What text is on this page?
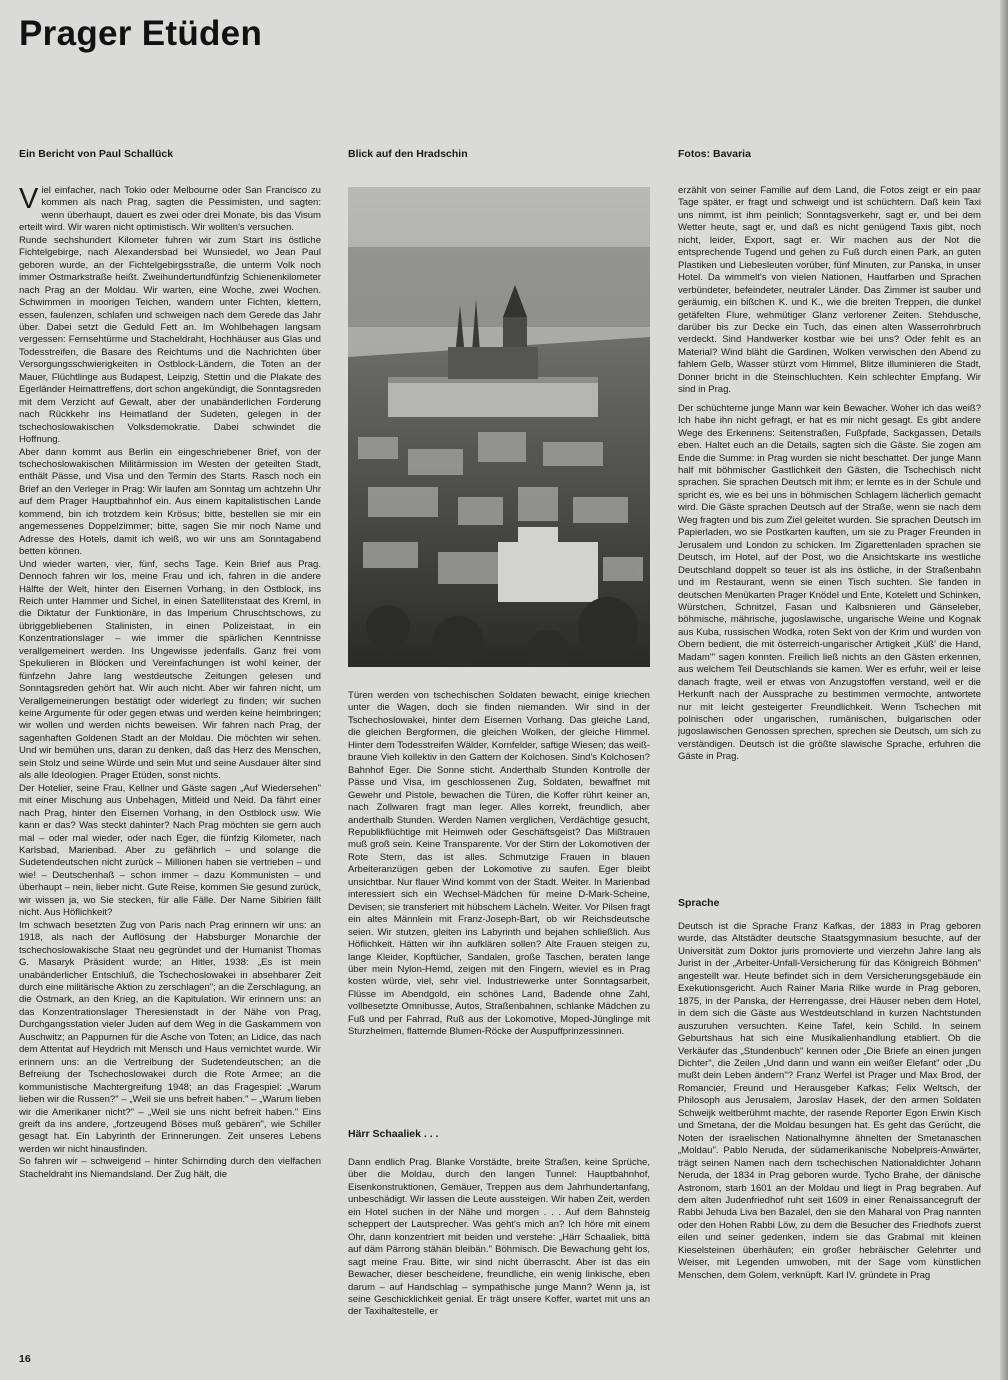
Prager Etüden

Ein Bericht von Paul Schallück	Blick auf den Hradschin	Fotos: Bavaria

V iel einfacher, nach Tokio oder Melbourne oder San Francisco zu kommen als nach Prag, sagten die Pessimisten, und sagten: wenn überhaupt, dauert es zwei oder drei Monate, bis das Visum erteilt wird. Wir waren nicht optimistisch. Wir wollten's versuchen.

Runde sechshundert Kilometer fuhren wir zum Start ins östliche Fichtelgebirge, nach Alexandersbad bei Wunsiedel, wo Jean Paul geboren wurde, an der Fichtelgebirgsstraße, die unterm Volk noch immer Ostmarkstraße heißt. Zweihundertundfünfzig Schienenkilometer nach Prag an der Moldau. Wir warten, eine Woche, zwei Wochen. Schwimmen in moorigen Teichen, wandern unter Fichten, klettern, essen, faulenzen, schlafen und schweigen nach dem Gerede das Jahr über. Dabei setzt die Geduld Fett an. Im Wohlbehagen langsam vergessen: Fernsehtürme und Stacheldraht, Hochhäuser aus Glas und Todesstreifen, die Basare des Reichtums und die Nachrichten über Versorgungsschwierigkeiten in Ostblock-Ländern, die Toten an der Mauer, Flüchtlinge aus Budapest, Leipzig, Stettin und die Plakate des Egerländer Heimattreffens, dort schon angekündigt, die Sonntagsreden mit dem Verzicht auf Gewalt, aber der unabänderlichen Forderung nach Rückkehr ins Heimatland der Sudeten, gelegen in der tschechoslowakischen Volksdemokratie. Dabei schwindet die Hoffnung.

Aber dann kommt aus Berlin ein eingeschriebener Brief, von der tschechoslowakischen Militärmission im Westen der geteilten Stadt, enthält Pässe, und Visa und den Termin des Starts. Rasch noch ein Brief an den Verleger in Prag: Wir laufen am Sonntag um achtzehn Uhr auf dem Prager Hauptbahnhof ein. Aus einem kapitalistischen Lande kommend, bin ich trotzdem kein Krösus; bitte, bestellen sie mir ein angemessenes Doppelzimmer; bitte, sagen Sie mir noch Name und Adresse des Hotels, damit ich weiß, wo wir uns am Sonntagabend betten können.

Und wieder warten, vier, fünf, sechs Tage. Kein Brief aus Prag. Dennoch fahren wir los, meine Frau und ich, fahren in die andere Hälfte der Welt, hinter den Eisernen Vorhang, in den Ostblock, ins Reich unter Hammer und Sichel, in einen Satellitenstaat des Kreml, in die Diktatur der Funktionäre, in das Imperium Chruschtschows, zu übriggebliebenen Stalinisten, in einen Polizeistaat, in ein Konzentrationslager – wie immer die spärlichen Kenntnisse verallgemeinert werden. Ins Ungewisse jedenfalls. Ganz frei vom Spekulieren in Blöcken und Vereinfachungen ist wohl keiner, der fünfzehn Jahre lang westdeutsche Zeitungen gelesen und Sonntagsreden gehört hat. Wir auch nicht. Aber wir fahren nicht, um Verallgemeinerungen bestätigt oder widerlegt zu finden; wir suchen keine Argumente für oder gegen etwas und werden keine heimbringen; wir wollen und werden nichts beweisen. Wir fahren nach Prag, der sagenhaften Goldenen Stadt an der Moldau. Die möchten wir sehen. Und wir bemühen uns, daran zu denken, daß das Herz des Menschen, sein Stolz und seine Würde und sein Mut und seine Ausdauer älter sind als alle Ideologien. Prager Etüden, sonst nichts.

Der Hotelier, seine Frau, Kellner und Gäste sagen „Auf Wiedersehen" mit einer Mischung aus Unbehagen, Mitleid und Neid. Da fährt einer nach Prag, hinter den Eisernen Vorhang, in den Ostblock usw. Wie kann er das? Was steckt dahinter? Nach Prag möchten sie gern auch mal – oder mal wieder, oder nach Eger, die fünfzig Kilometer, nach Karlsbad, Marienbad. Aber zu gefährlich – und solange die Sudetendeutschen nicht zurück – Millionen haben sie vertrieben – und wie! – Deutschenhaß – schon immer – dazu Kommunisten – und überhaupt – nein, lieber nicht. Gute Reise, kommen Sie gesund zurück, wir wissen ja, wo Sie stecken, für alle Fälle. Der Name Sibirien fällt nicht. Aus Höflichkeit?

Im schwach besetzten Zug von Paris nach Prag erinnern wir uns: an 1918, als nach der Auflösung der Habsburger Monarchie der tschechoslowakische Staat neu gegründet und der Humanist Thomas G. Masaryk Präsident wurde; an Hitler, 1938: „Es ist mein unabänderlicher Entschluß, die Tschechoslowakei in absehbarer Zeit durch eine militärische Aktion zu zerschlagen"; an die Zerschlagung, an die Ostmark, an den Krieg, an die Kapitulation. Wir erinnern uns: an das Konzentrationslager Theresienstadt in der Nähe von Prag, Durchgangsstation vieler Juden auf dem Weg in die Gaskammern von Auschwitz; an Pappurnen für die Asche von Toten; an Lidice, das nach dem Attentat auf Heydrich mit Mensch und Haus vernichtet wurde. Wir erinnern uns: an die Vertreibung der Sudetendeutschen; an die Befreiung der Tschechoslowakei durch die Rote Armee; an die kommunistische Machtergreifung 1948; an das Fragespiel: „Warum lieben wir die Russen?" – „Weil sie uns befreit haben." – „Warum lieben wir die Amerikaner nicht?" – „Weil sie uns nicht befreit haben." Eins greift da ins andere, „fortzeugend Böses muß gebären", wie Schiller gesagt hat. Ein Labyrinth der Erinnerungen. Zeit unseres Lebens werden wir nicht hinausfinden.

So fahren wir – schweigend – hinter Schirnding durch den vielfachen Stacheldraht ins Niemandsland. Der Zug hält, die

Türen werden von tschechischen Soldaten bewacht, einige kriechen unter die Wagen, doch sie finden niemanden. Wir sind in der Tschechoslowakei, hinter dem Eisernen Vorhang. Das gleiche Land, die gleichen Bergformen, die gleichen Wolken, der gleiche Himmel. Hinter dem Todesstreifen Wälder, Kornfelder, saftige Wiesen; das weiß-braune Vieh kollektiv in den Gattern der Kolchosen. Sind's Kolchosen? Bahnhof Eger. Die Sonne sticht. Anderthalb Stunden Kontrolle der Pässe und Visa, im geschlossenen Zug, Soldaten, bewaffnet mit Gewehr und Pistole, bewachen die Türen, die Koffer rührt keiner an, nach Zollwaren fragt man leger. Alles korrekt, freundlich, aber anderthalb Stunden. Werden Namen verglichen, Verdächtige gesucht, Republikflüchtige mit Heimweh oder Geschäftsgeist? Das Mißtrauen muß groß sein. Keine Transparente. Vor der Stirn der Lokomotiven der Rote Stern, das ist alles. Schmutzige Frauen in blauen Arbeiteranzügen geben der Lokomotive zu saufen. Eger bleibt unsichtbar. Nur flauer Wind kommt von der Stadt. Weiter. In Marienbad interessiert sich ein Wechsel-Mädchen für meine D-Mark-Scheine, Devisen; sie transferiert mit hübschem Lächeln. Weiter. Vor Pilsen fragt ein altes Männlein mit Franz-Joseph-Bart, ob wir Reichsdeutsche seien. Wir stutzen, gleiten ins Labyrinth und bejahen schließlich. Aus Höflichkeit. Hätten wir ihn aufklären sollen? Alte Frauen steigen zu, lange Kleider, Kopftücher, Sandalen, große Taschen, beraten lange über mein Nylon-Hemd, zeigen mit den Fingern, wieviel es in Prag kosten würde, viel, sehr viel. Industriewerke unter Sonntagsarbeit, Flüsse im Abendgold, ein schönes Land, Badende ohne Zahl, vollbesetzte Omnibusse, Autos, Straßenbahnen, schlanke Mädchen zu Fuß und per Fahrrad, Ruß aus der Lokomotive, Moped-Jünglinge mit Sturzhelmen, flatternde Blumen-Röcke der Auspuffprinzessinnen.

Härr Schaaliek . . .

Dann endlich Prag. Blanke Vorstädte, breite Straßen, keine Sprüche, über die Moldau, durch den langen Tunnel: Hauptbahnhof, Eisenkonstruktionen, Gemäuer, Treppen aus dem Jahrhundertanfang, unbeschädigt. Wir lassen die Leute aussteigen. Wir haben Zeit, werden ein Hotel suchen in der Nähe und morgen . . . Auf dem Bahnsteig scheppert der Lautsprecher. Was geht's mich an? Ich höre mit einem Ohr, dann konzentriert mit beiden und verstehe: „Härr Schaaliek, bittä auf däm Pärrong stähän bleibän." Böhmisch. Die Bewachung geht los, sagt meine Frau. Bitte, wir sind nicht überrascht. Aber ist das ein Bewacher, dieser bescheidene, freundliche, ein wenig linkische, eben darum – auf Handschlag – sympathische junge Mann? Wenn ja, ist seine Geschicklichkeit genial. Er trägt unsere Koffer, wartet mit uns an der Taxihaltestelle, er

erzählt von seiner Familie auf dem Land, die Fotos zeigt er ein paar Tage später, er fragt und schweigt und ist schüchtern. Daß kein Taxi uns nimmt, ist ihm peinlich; Sonntagsverkehr, sagt er, und bei dem Wetter heute, sagt er, und daß es nicht genügend Taxis gibt, noch nicht, leider, Export, sagt er. Wir machen aus der Not die entsprechende Tugend und gehen zu Fuß durch einen Park, an guten Plastiken und Liebesleuten vorüber, fünf Minuten, zur Panska, in unser Hotel. Da wimmelt's von vielen Nationen, Hautfarben und Sprachen verbündeter, befeindeter, neutraler Länder. Das Zimmer ist sauber und geräumig, ein bißchen K. und K., wie die breiten Treppen, die dunkel getäfelten Flure, wehmütiger Glanz verlorener Zeiten. Stehdusche, darüber bis zur Decke ein Tuch, das einen alten Wasserrohrbruch verdeckt. Sind Handwerker kostbar wie bei uns? Oder fehlt es an Material? Wind bläht die Gardinen, Wolken verwischen den Abend zu fahlem Gelb, Wasser stürzt vom Himmel, Blitze illuminieren die Stadt, Donner bricht in die Steinschluchten. Kein schlechter Empfang. Wir sind in Prag.

Der schüchterne junge Mann war kein Bewacher. Woher ich das weiß? Ich habe ihn nicht gefragt, er hat es mir nicht gesagt. Es gibt andere Wege des Erkennens: Seitenstraßen, Fußpfade, Sackgassen, Details eben. Haltet euch an die Details, sagten sich die Gäste. Sie zogen am Ende die Summe: in Prag wurden sie nicht beschattet. Der junge Mann half mit böhmischer Gastlichkeit den Gästen, die Tschechisch nicht sprachen. Sie sprachen Deutsch mit ihm; er lernte es in der Schule und spricht es, wie es bei uns in böhmischen Schlagern lächerlich gemacht wird. Die Gäste sprachen Deutsch auf der Straße, wenn sie nach dem Weg fragten und bis zum Ziel geleitet wurden. Sie sprachen Deutsch im Papierladen, wo sie Postkarten kauften, um sie zu Prager Freunden in Jerusalem und London zu schicken. Im Zigarettenladen sprachen sie Deutsch, im Hotel, auf der Post, wo die Ansichtskarte ins westliche Deutschland doppelt so teuer ist als ins östliche, in der Straßenbahn und im Restaurant, wenn sie einen Tisch suchten. Sie fanden in deutschen Menükarten Prager Knödel und Ente, Kotelett und Schinken, Würstchen, Schnitzel, Fasan und Kalbsnieren und Gänseleber, böhmische, mährische, jugoslawische, ungarische Weine und Kognak aus Kuba, russischen Wodka, roten Sekt von der Krim und wurden von Obern bedient, die mit österreich-ungarischer Artigkeit „Küß' die Hand, Madam'" sagen konnten. Freilich ließ nichts an den Gästen erkennen, aus welchem Teil Deutschlands sie kamen. Wer es erfuhr, weil er leise danach fragte, weil er etwas von Anzugstoffen verstand, weil er die Herkunft nach der Aussprache zu bestimmen vermochte, antwortete nur mit leicht gesteigerter Freundlichkeit. Wenn Tschechen mit polnischen oder ungarischen, rumänischen, bulgarischen oder jugoslawischen Genossen sprechen, sprechen sie Deutsch, um sich zu verständigen. Deutsch ist die größte slawische Sprache, erfuhren die Gäste in Prag.

Sprache

Deutsch ist die Sprache Franz Kafkas, der 1883 in Prag geboren wurde, das Altstädter deutsche Staatsgymnasium besuchte, auf der Universität zum Doktor juris promovierte und vierzehn Jahre lang als Jurist in der „Arbeiter-Unfall-Versicherung für das Königreich Böhmen" angestellt war. Heute befindet sich in dem Versicherungsgebäude ein Exekutionsgericht. Auch Rainer Maria Rilke wurde in Prag geboren, 1875, in der Panska, der Herrengasse, drei Häuser neben dem Hotel, in dem sich die Gäste aus Westdeutschland in kurzen Nachtstunden auszuruhen versuchten. Keine Tafel, kein Schild. In seinem Geburtshaus hat sich eine Musikalienhandlung etabliert. Ob die Verkäufer das „Stundenbuch" kennen oder „Die Briefe an einen jungen Dichter", die Zeilen „Und dann und wann ein weißer Elefant" oder „Du mußt dein Leben ändern"? Franz Werfel ist Prager und Max Brod, der Romancier, Freund und Herausgeber Kafkas; Felix Weltsch, der Philosoph aus Jerusalem, Jaroslav Hasek, der den armen Soldaten Schweijk weltberühmt machte, der rasende Reporter Egon Erwin Kisch und Smetana, der die Moldau besungen hat. Es geht das Gerücht, die Noten der israelischen Nationalhymne ähnelten der Smetanaschen „Moldau". Pablo Neruda, der südamerikanische Nobelpreis-Anwärter, trägt seinen Namen nach dem tschechischen Nationaldichter Johann Neruda, der 1834 in Prag geboren wurde. Tycho Brahe, der dänische Astronom, starb 1601 an der Moldau und liegt in Prag begraben. Auf dem alten Judenfriedhof ruht seit 1609 in einer Renaissancegruft der Rabbi Jehuda Liva ben Bazalel, den sie den Maharal von Prag nannten oder den Hohen Rabbi Löw, zu dem die Besucher des Friedhofs zuerst eilen und seiner gedenken, indem sie das Grabmal mit kleinen Kieselsteinen überhäufen; ein großer hebräischer Gelehrter und Weiser, mit Legenden umwoben, mit der Sage vom künstlichen Menschen, dem Golem, verknüpft. Karl IV. gründete in Prag

16
